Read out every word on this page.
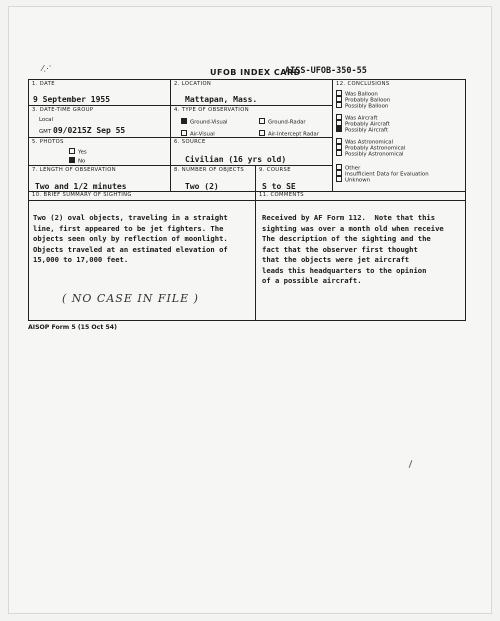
⁄⋰	UFOB INDEX CARD
AISS-UFOB-350-55
1. DATE
9 September 1955
2. LOCATION
Mattapan, Mass.
3. DATE-TIME GROUP
Local
GMT 09/0215Z Sep 55
4. TYPE OF OBSERVATION
Ground-Visual	Ground-Radar
Air-Visual	Air-Intercept Radar
5. PHOTOS
Yes
No
6. SOURCE
Civilian (16 yrs old)
7. LENGTH OF OBSERVATION
Two and 1/2 minutes
8. NUMBER OF OBJECTS
Two (2)
9. COURSE
S to SE
12. CONCLUSIONS
Was Balloon
Probably Balloon
Possibly Balloon
Was Aircraft
Probably Aircraft
Possibly Aircraft
Was Astronomical
Probably Astronomical
Possibly Astronomical
Other
Insufficient Data for Evaluation
Unknown
10. BRIEF SUMMARY OF SIGHTING	11. COMMENTS
Two (2) oval objects, traveling in a straight
line, first appeared to be jet fighters. The
objects seen only by reflection of moonlight.
Objects traveled at an estimated elevation of
15,000 to 17,000 feet.
Received by AF Form 112.  Note that this
sighting was over a month old when receive
The description of the sighting and the
fact that the observer first thought
that the objects were jet aircraft
leads this headquarters to the opinion
of a possible aircraft.
( NO CASE IN FILE )
AISOP Form 5 (15 Oct 54)
